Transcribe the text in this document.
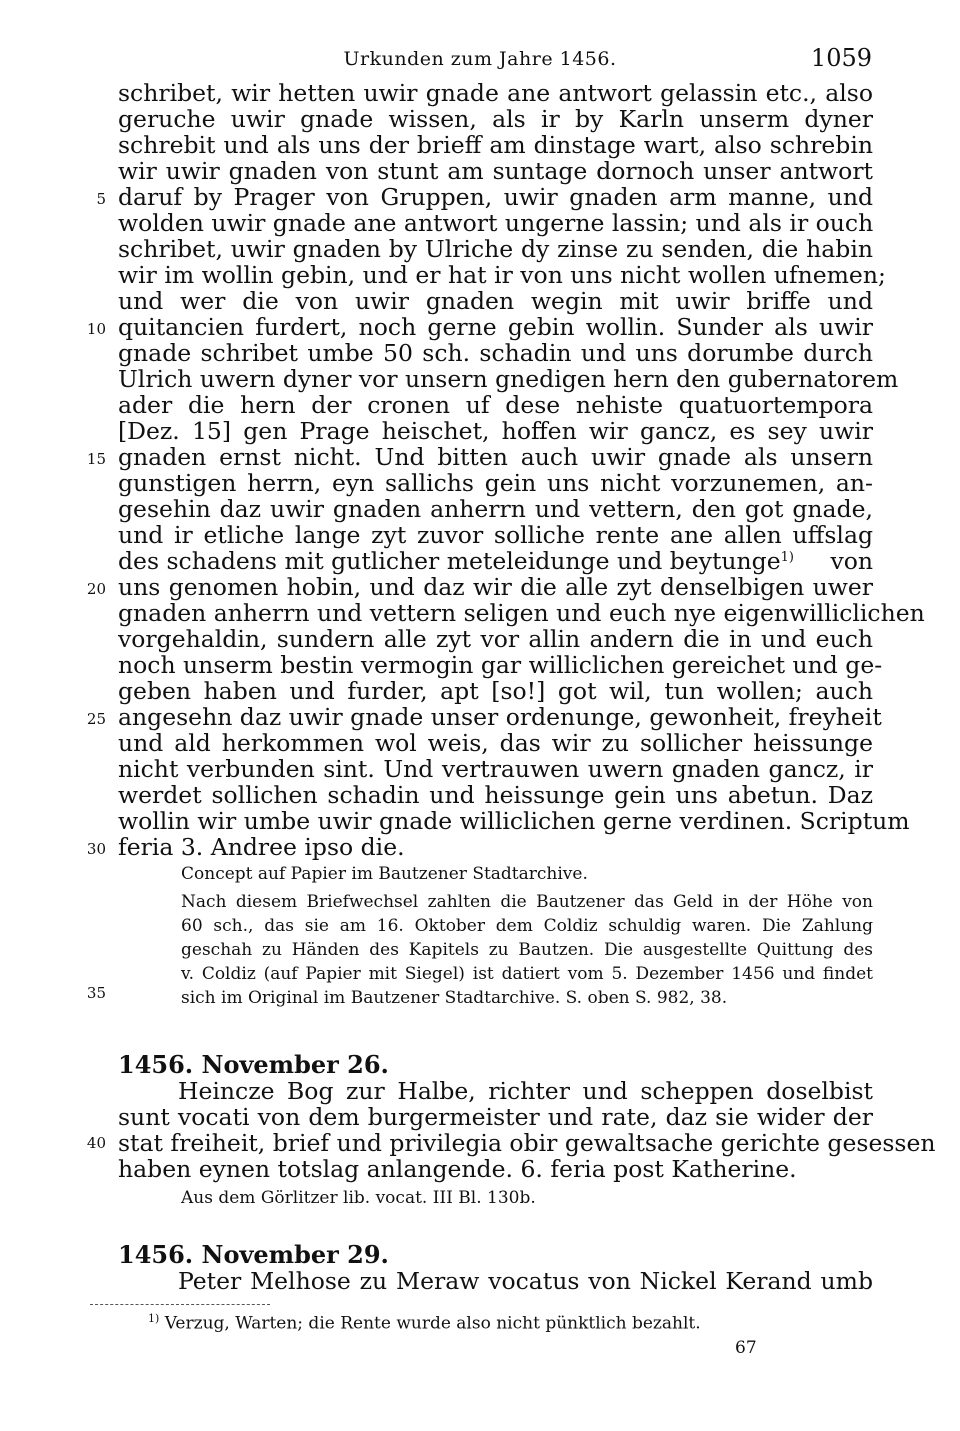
Urkunden zum Jahre 1456.	1059
schribet, wir hetten uwir gnade ane antwort gelassin etc., also
geruche uwir gnade wissen, als ir by Karln unserm dyner
schrebit und als uns der brieff am dinstage wart, also schrebin
wir uwir gnaden von stunt am suntage dornoch unser antwort
daruf by Prager von Gruppen, uwir gnaden arm manne, und
wolden uwir gnade ane antwort ungerne lassin; und als ir ouch
schribet, uwir gnaden by Ulriche dy zinse zu senden, die habin
wir im wollin gebin, und er hat ir von uns nicht wollen ufnemen;
und wer die von uwir gnaden wegin mit uwir briffe und
quitancien furdert, noch gerne gebin wollin. Sunder als uwir
gnade schribet umbe 50 sch. schadin und uns dorumbe durch
Ulrich uwern dyner vor unsern gnedigen hern den gubernatorem
ader die hern der cronen uf dese nehiste quatuortempora
[Dez. 15] gen Prage heischet, hoffen wir gancz, es sey uwir
gnaden ernst nicht. Und bitten auch uwir gnade als unsern
gunstigen herrn, eyn sallichs gein uns nicht vorzunemen, an-
gesehin daz uwir gnaden anherrn und vettern, den got gnade,
und ir etliche lange zyt zuvor solliche rente ane allen uffslag
des schadens mit gutlicher meteleidunge und beytunge$^{1)}$ von
uns genomen hobin, und daz wir die alle zyt denselbigen uwer
gnaden anherrn und vettern seligen und euch nye eigenwilliclichen
vorgehaldin, sundern alle zyt vor allin andern die in und euch
noch unserm bestin vermogin gar williclichen gereichet und ge-
geben haben und furder, apt [so!] got wil, tun wollen; auch
angesehn daz uwir gnade unser ordenunge, gewonheit, freyheit
und ald herkommen wol weis, das wir zu sollicher heissunge
nicht verbunden sint. Und vertrauwen uwern gnaden gancz, ir
werdet sollichen schadin und heissunge gein uns abetun. Daz
wollin wir umbe uwir gnade williclichen gerne verdinen. Scriptum
feria 3. Andree ipso die.
5
10
15
20
25
30
35
40
Concept auf Papier im Bautzener Stadtarchive.
Nach diesem Briefwechsel zahlten die Bautzener das Geld in der Höhe von
60 sch., das sie am 16. Oktober dem Coldiz schuldig waren. Die Zahlung
geschah zu Händen des Kapitels zu Bautzen. Die ausgestellte Quittung des
v. Coldiz (auf Papier mit Siegel) ist datiert vom 5. Dezember 1456 und findet
sich im Original im Bautzener Stadtarchive. S. oben S. 982, 38.
1456. November 26.
Heincze Bog zur Halbe, richter und scheppen doselbist
sunt vocati von dem burgermeister und rate, daz sie wider der
stat freiheit, brief und privilegia obir gewaltsache gerichte gesessen
haben eynen totslag anlangende. 6. feria post Katherine.
Aus dem Görlitzer lib. vocat. III Bl. 130b.
1456. November 29.
Peter Melhose zu Meraw vocatus von Nickel Kerand umb
$^{1)}$ Verzug, Warten; die Rente wurde also nicht pünktlich bezahlt.
67
